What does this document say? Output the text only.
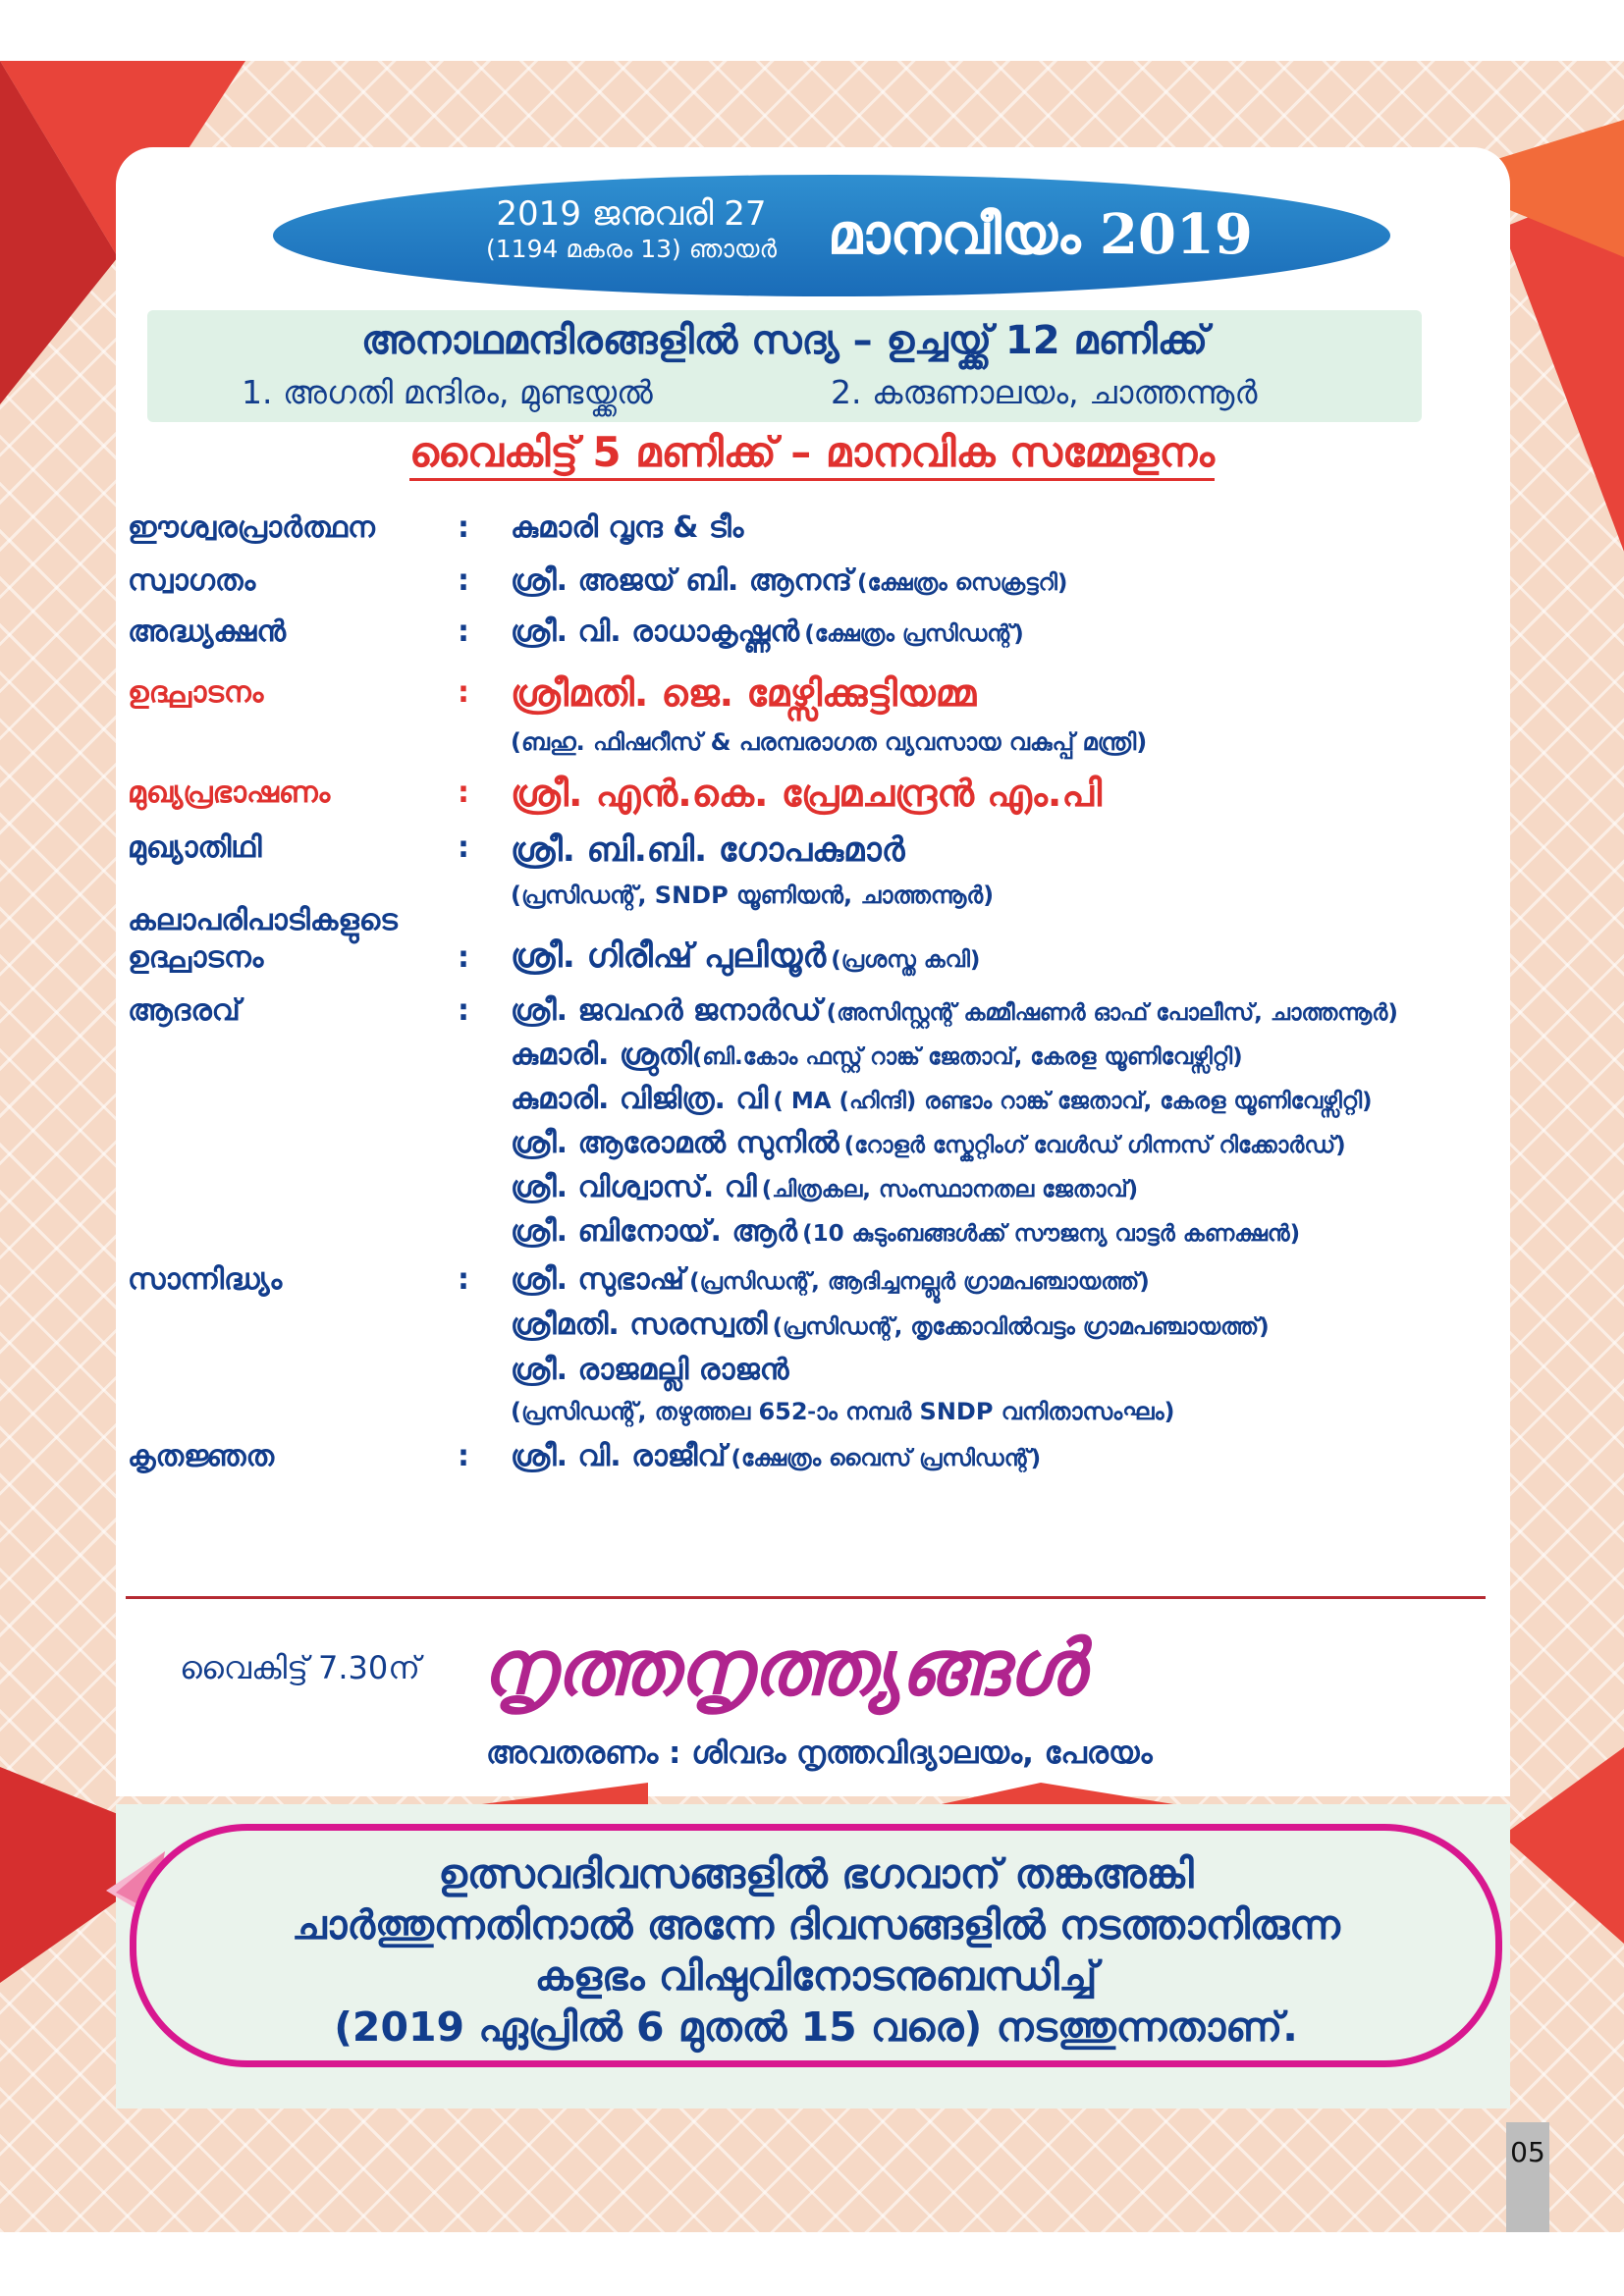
2019 ജനുവരി 27
(1194 മകരം 13) ഞായർ മാനവീയം 2019
അനാഥമന്ദിരങ്ങളിൽ സദ്യ – ഉച്ചയ്ക്ക് 12 മണിക്ക്
1. അഗതി മന്ദിരം, മുണ്ടയ്ക്കൽ	2. കരുണാലയം, ചാത്തന്നൂർ
വൈകിട്ട് 5 മണിക്ക് – മാനവിക സമ്മേളനം
ഈശ്വരപ്രാർത്ഥന	: കുമാരി വൃന്ദ & ടീം
സ്വാഗതം	: ശ്രീ. അജയ് ബി. ആനന്ദ് (ക്ഷേത്രം സെക്രട്ടറി)
അദ്ധ്യക്ഷൻ	: ശ്രീ. വി. രാധാകൃഷ്ണൻ (ക്ഷേത്രം പ്രസിഡന്റ്)
ഉദ്ഘാടനം	: ശ്രീമതി. ജെ. മേഴ്സിക്കുട്ടിയമ്മ
(ബഹു. ഫിഷറീസ് & പരമ്പരാഗത വ്യവസായ വകുപ്പ് മന്ത്രി)
മുഖ്യപ്രഭാഷണം	: ശ്രീ. എൻ.കെ. പ്രേമചന്ദ്രൻ എം.പി
മുഖ്യാതിഥി	: ശ്രീ. ബി.ബി. ഗോപകുമാർ
(പ്രസിഡന്റ്, SNDP യൂണിയൻ, ചാത്തന്നൂർ)
കലാപരിപാടികളുടെ
ഉദ്ഘാടനം	: ശ്രീ. ഗിരീഷ് പുലിയൂർ (പ്രശസ്ത കവി)
ആദരവ്	: ശ്രീ. ജവഹർ ജനാർഡ് (അസിസ്റ്റന്റ് കമ്മീഷണർ ഓഫ് പോലീസ്, ചാത്തന്നൂർ)
കുമാരി. ശ്രുതി(ബി.കോം ഫസ്റ്റ് റാങ്ക് ജേതാവ്, കേരള യൂണിവേഴ്സിറ്റി)
കുമാരി. വിജിത്ര. വി ( MA (ഹിന്ദി) രണ്ടാം റാങ്ക് ജേതാവ്, കേരള യൂണിവേഴ്സിറ്റി)
ശ്രീ. ആരോമൽ സുനിൽ (റോളർ സ്കേറ്റിംഗ് വേൾഡ് ഗിന്നസ് റിക്കോർഡ്)
ശ്രീ. വിശ്വാസ്. വി (ചിത്രകല, സംസ്ഥാനതല ജേതാവ്)
ശ്രീ. ബിനോയ്. ആർ (10 കുടുംബങ്ങൾക്ക് സൗജന്യ വാട്ടർ കണക്ഷൻ)
സാന്നിദ്ധ്യം	: ശ്രീ. സുഭാഷ് (പ്രസിഡന്റ്, ആദിച്ചനല്ലൂർ ഗ്രാമപഞ്ചായത്ത്)
ശ്രീമതി. സരസ്വതി (പ്രസിഡന്റ്, തൃക്കോവിൽവട്ടം ഗ്രാമപഞ്ചായത്ത്)
ശ്രീ. രാജമല്ലി രാജൻ
(പ്രസിഡന്റ്, തഴുത്തല 652-ാം നമ്പർ SNDP വനിതാസംഘം)
കൃതജ്ഞത	: ശ്രീ. വി. രാജീവ് (ക്ഷേത്രം വൈസ് പ്രസിഡന്റ്)
വൈകിട്ട് 7.30ന് നൃത്തനൃത്ത്യങ്ങൾ
അവതരണം : ശിവദം നൃത്തവിദ്യാലയം, പേരയം
ഉത്സവദിവസങ്ങളിൽ ഭഗവാന് തങ്കഅങ്കി
ചാർത്തുന്നതിനാൽ അന്നേ ദിവസങ്ങളിൽ നടത്താനിരുന്ന
കളഭം വിഷുവിനോടനുബന്ധിച്ച്
(2019 ഏപ്രിൽ 6 മുതൽ 15 വരെ) നടത്തുന്നതാണ്.
05
